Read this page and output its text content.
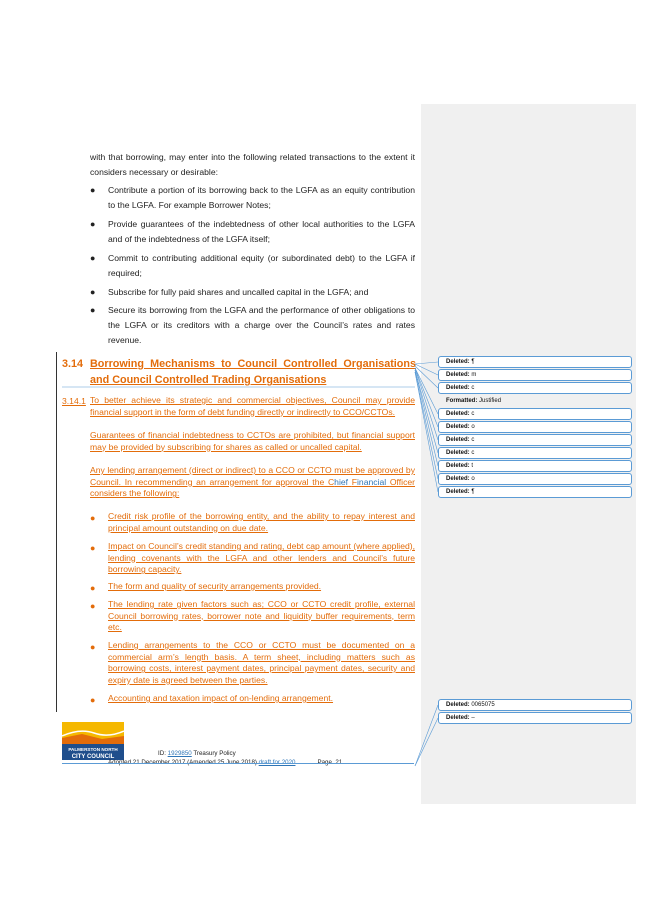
with that borrowing, may enter into the following related transactions to the extent it considers necessary or desirable:
● Contribute a portion of its borrowing back to the LGFA as an equity contribution to the LGFA. For example Borrower Notes;
● Provide guarantees of the indebtedness of other local authorities to the LGFA and of the indebtedness of the LGFA itself;
● Commit to contributing additional equity (or subordinated debt) to the LGFA if required;
● Subscribe for fully paid shares and uncalled capital in the LGFA; and
● Secure its borrowing from the LGFA and the performance of other obligations to the LGFA or its creditors with a charge over the Council’s rates and rates revenue.
3.14 Borrowing Mechanisms to Council Controlled Organisations and Council Controlled Trading Organisations
3.14.1 To better achieve its strategic and commercial objectives, Council may provide financial support in the form of debt funding directly or indirectly to CCO/CCTOs.
Guarantees of financial indebtedness to CCTOs are prohibited, but financial support may be provided by subscribing for shares as called or uncalled capital.
Any lending arrangement (direct or indirect) to a CCO or CCTO must be approved by Council. In recommending an arrangement for approval the Chief Financial Officer considers the following:
● Credit risk profile of the borrowing entity, and the ability to repay interest and principal amount outstanding on due date.
● Impact on Council’s credit standing and rating, debt cap amount (where applied), lending covenants with the LGFA and other lenders and Council’s future borrowing capacity.
● The form and quality of security arrangements provided.
● The lending rate given factors such as; CCO or CCTO credit profile, external Council borrowing rates, borrower note and liquidity buffer requirements, term etc.
● Lending arrangements to the CCO or CCTO must be documented on a commercial arm’s length basis. A term sheet, including matters such as borrowing costs, interest payment dates, principal payment dates, security and expiry date is agreed between the parties.
● Accounting and taxation impact of on-lending arrangement.
Deleted: ¶
Deleted: m
Deleted: c
Formatted: Justified
Deleted: c
Deleted: o
Deleted: c
Deleted: c
Deleted: t
Deleted: o
Deleted: ¶
Deleted: 0065075
Deleted: –
PALMERSTON NORTH
CITY COUNCIL	ID: 1929850 Treasury Policy
